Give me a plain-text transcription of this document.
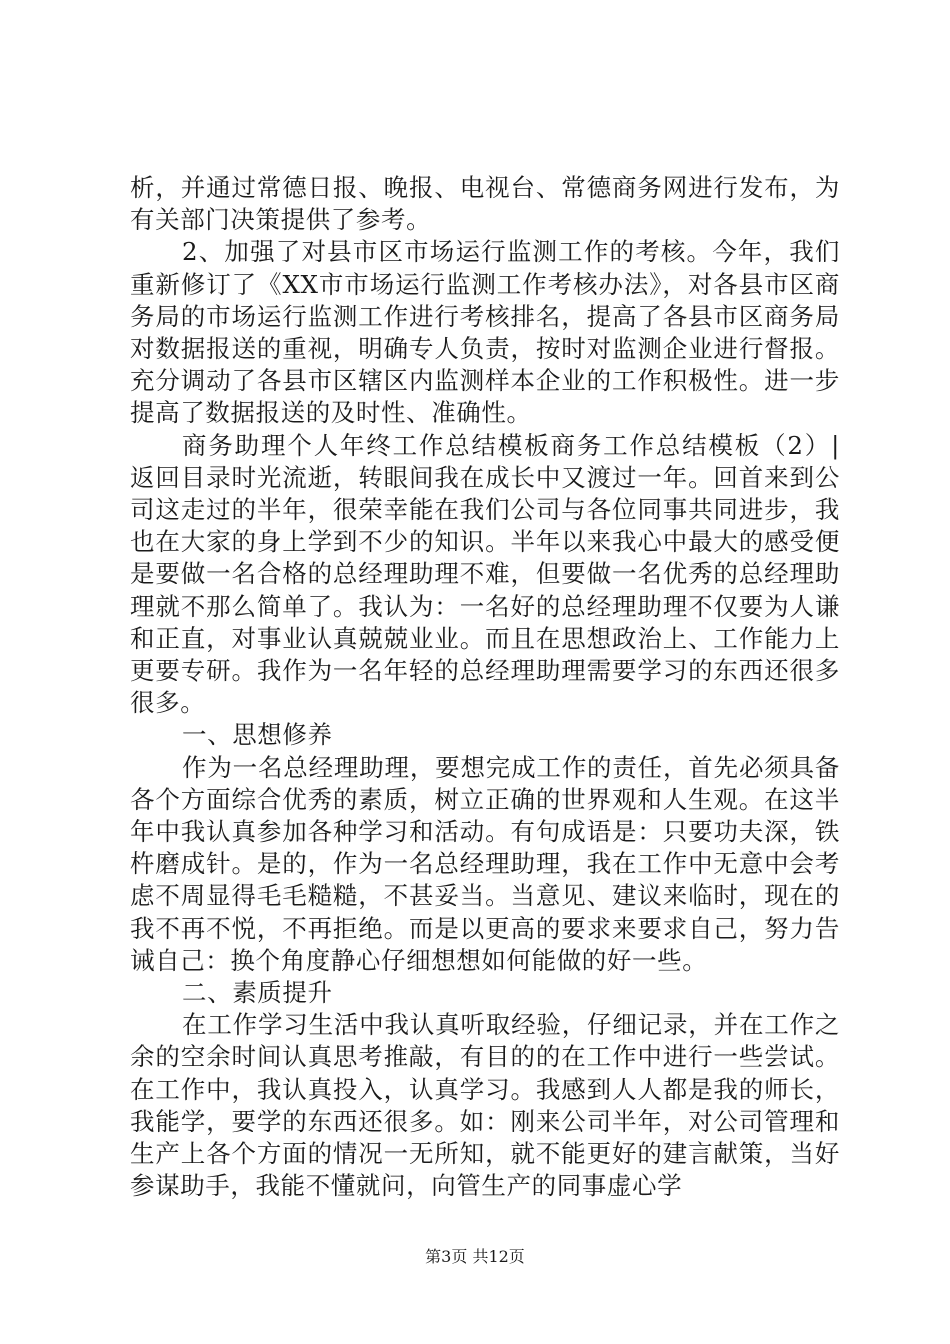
析，并通过常德日报、晚报、电视台、常德商务网进行发布，为有关部门决策提供了参考。

2、加强了对县市区市场运行监测工作的考核。今年，我们重新修订了《XX市市场运行监测工作考核办法》，对各县市区商务局的市场运行监测工作进行考核排名，提高了各县市区商务局对数据报送的重视，明确专人负责，按时对监测企业进行督报。充分调动了各县市区辖区内监测样本企业的工作积极性。进一步提高了数据报送的及时性、准确性。

商务助理个人年终工作总结模板商务工作总结模板（2）| 返回目录时光流逝，转眼间我在成长中又渡过一年。回首来到公司这走过的半年，很荣幸能在我们公司与各位同事共同进步，我也在大家的身上学到不少的知识。半年以来我心中最大的感受便是要做一名合格的总经理助理不难，但要做一名优秀的总经理助理就不那么简单了。我认为：一名好的总经理助理不仅要为人谦和正直，对事业认真兢兢业业。而且在思想政治上、工作能力上更要专研。我作为一名年轻的总经理助理需要学习的东西还很多很多。

一、思想修养

作为一名总经理助理，要想完成工作的责任，首先必须具备各个方面综合优秀的素质，树立正确的世界观和人生观。在这半年中我认真参加各种学习和活动。有句成语是：只要功夫深，铁杵磨成针。是的，作为一名总经理助理，我在工作中无意中会考虑不周显得毛毛糙糙，不甚妥当。当意见、建议来临时，现在的我不再不悦，不再拒绝。而是以更高的要求来要求自己，努力告诫自己：换个角度静心仔细想想如何能做的好一些。

二、素质提升

在工作学习生活中我认真听取经验，仔细记录，并在工作之余的空余时间认真思考推敲，有目的的在工作中进行一些尝试。在工作中，我认真投入，认真学习。我感到人人都是我的师长，我能学，要学的东西还很多。如：刚来公司半年，对公司管理和生产上各个方面的情况一无所知，就不能更好的建言献策，当好参谋助手，我能不懂就问，向管生产的同事虚心学

第3页 共12页
